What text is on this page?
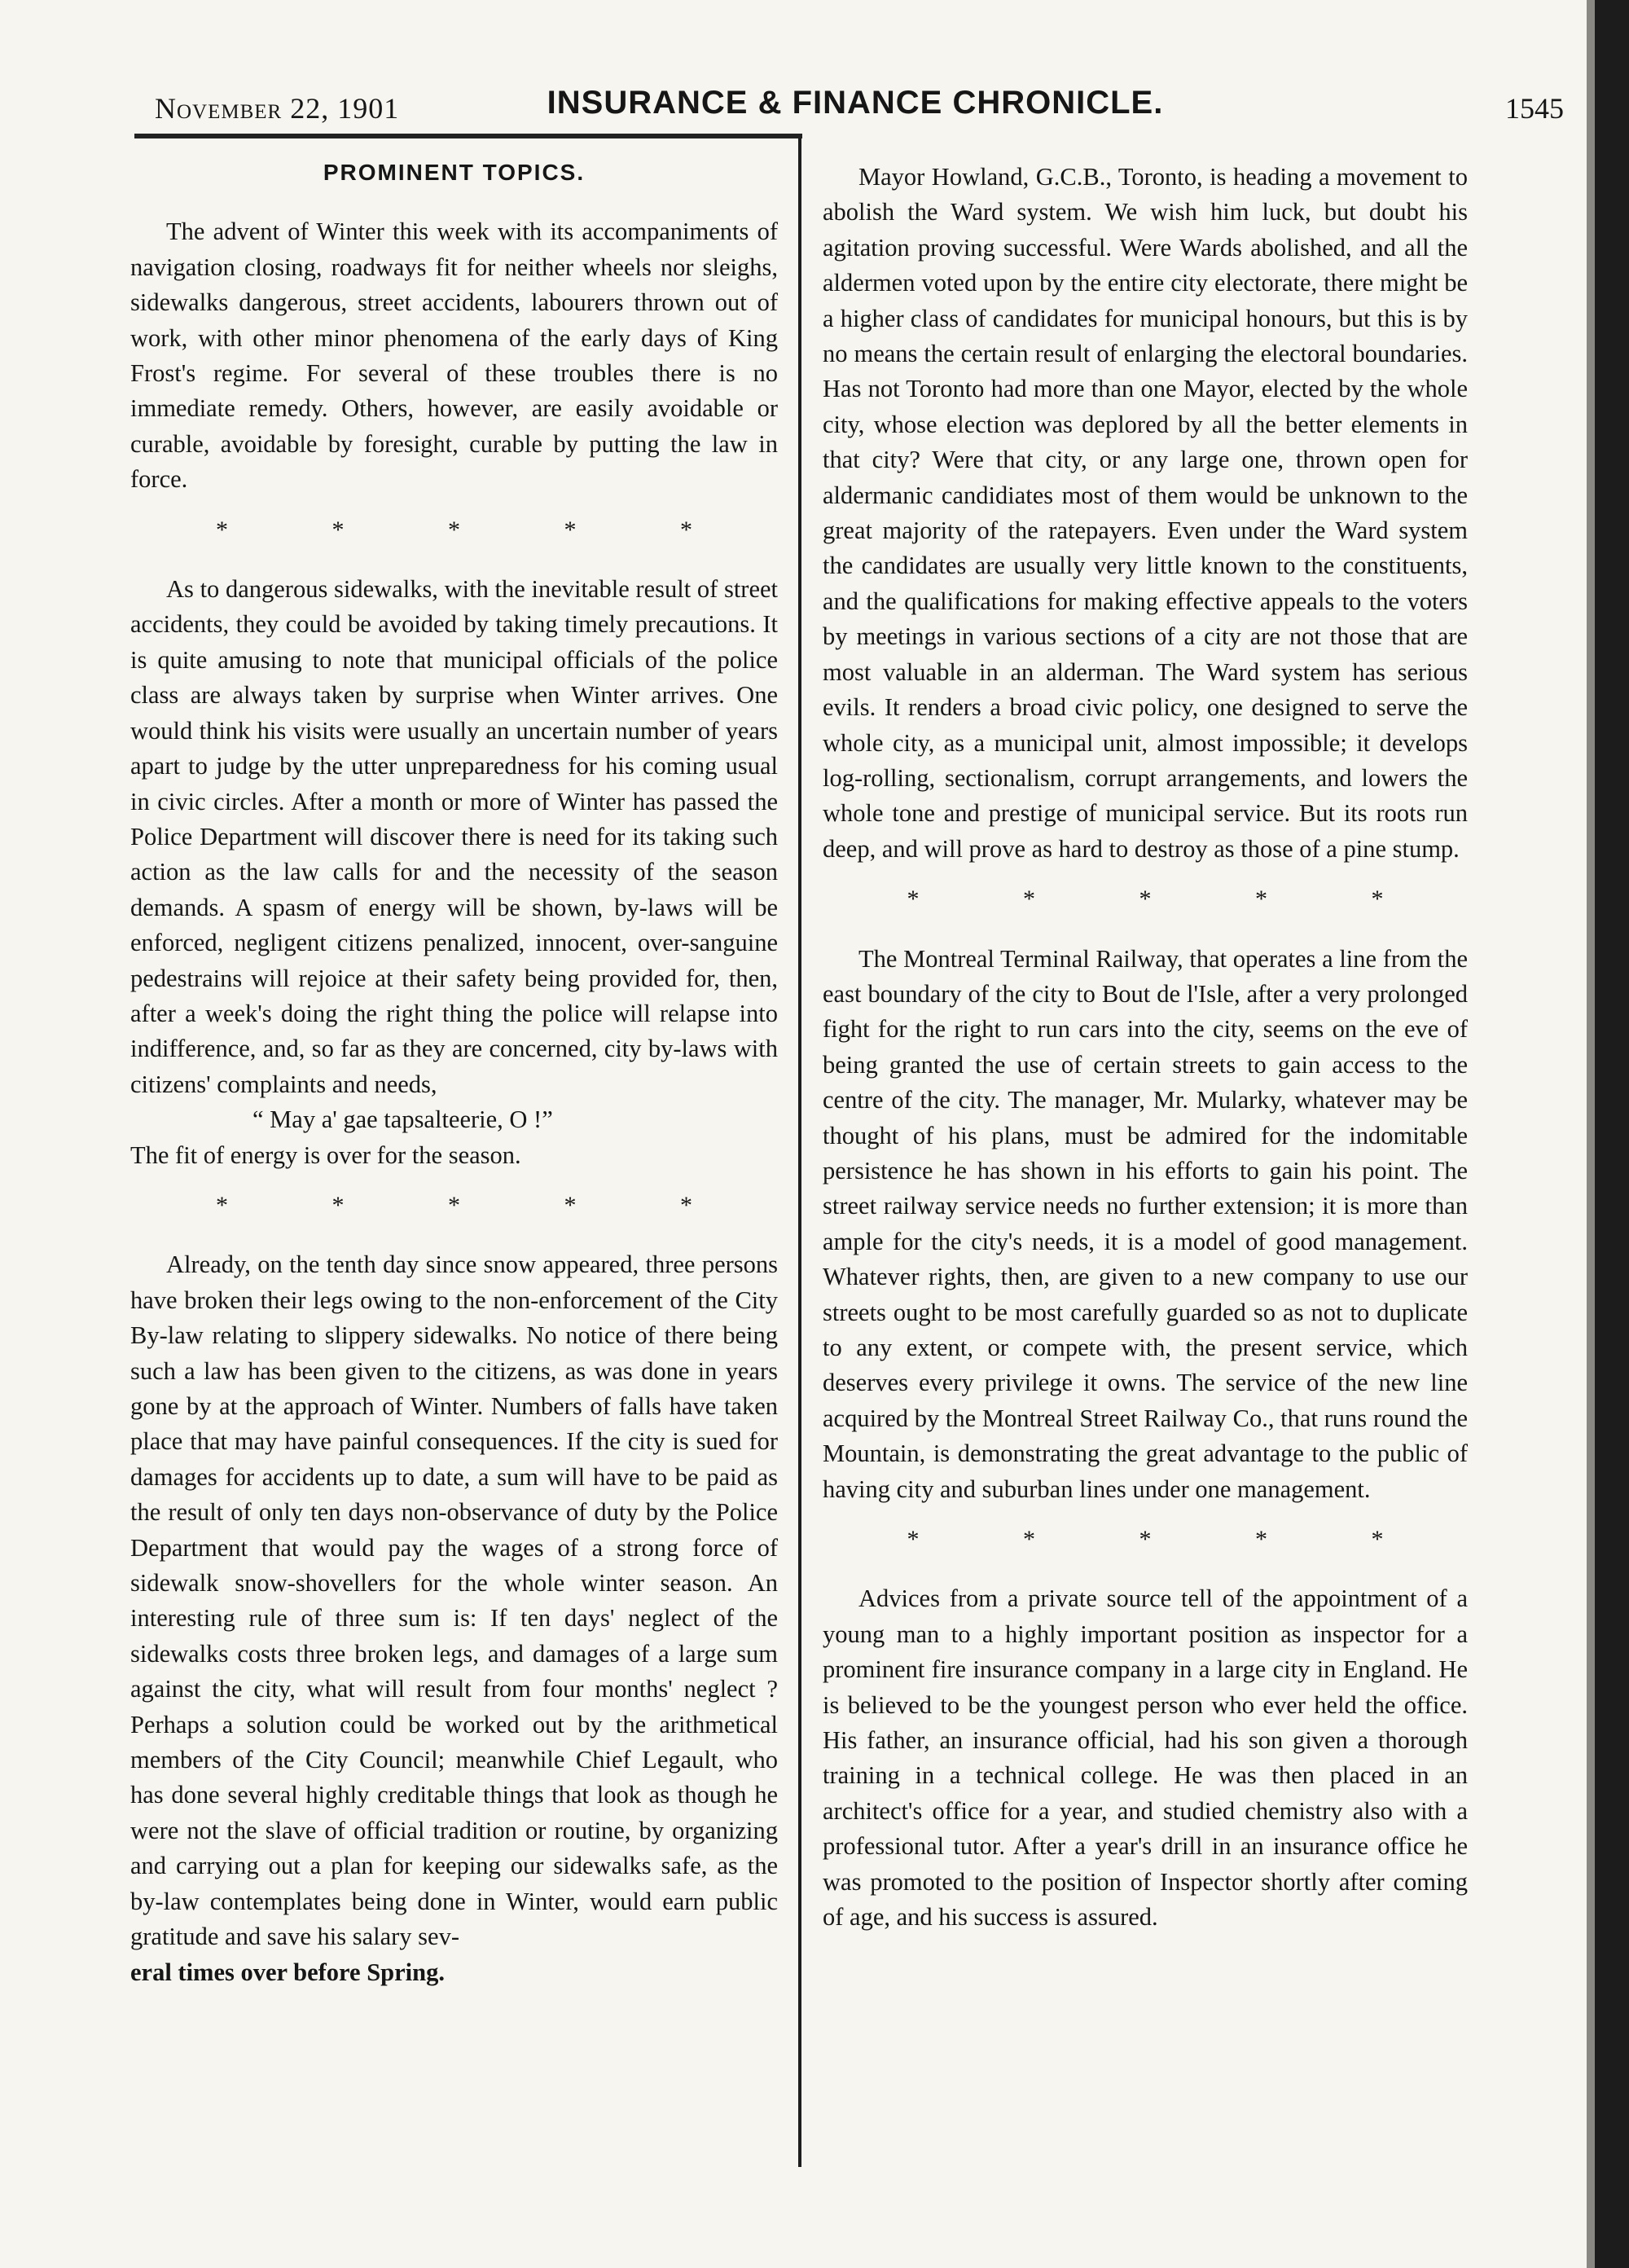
November 22, 1901	INSURANCE & FINANCE CHRONICLE.	1545
PROMINENT TOPICS.

The advent of Winter this week with its accompaniments of navigation closing, roadways fit for neither wheels nor sleighs, sidewalks dangerous, street accidents, labourers thrown out of work, with other minor phenomena of the early days of King Frost's regime. For several of these troubles there is no immediate remedy. Others, however, are easily avoidable or curable, avoidable by foresight, curable by putting the law in force.

* * * * *

As to dangerous sidewalks, with the inevitable result of street accidents, they could be avoided by taking timely precautions. It is quite amusing to note that municipal officials of the police class are always taken by surprise when Winter arrives. One would think his visits were usually an uncertain number of years apart to judge by the utter unpreparedness for his coming usual in civic circles. After a month or more of Winter has passed the Police Department will discover there is need for its taking such action as the law calls for and the necessity of the season demands. A spasm of energy will be shown, by-laws will be enforced, negligent citizens penalized, innocent, over-sanguine pedestrains will rejoice at their safety being provided for, then, after a week's doing the right thing the police will relapse into indifference, and, so far as they are concerned, city by-laws with citizens' complaints and needs,

“ May a' gae tapsalteerie, O !”

The fit of energy is over for the season.

* * * * *

Already, on the tenth day since snow appeared, three persons have broken their legs owing to the non-enforcement of the City By-law relating to slippery sidewalks. No notice of there being such a law has been given to the citizens, as was done in years gone by at the approach of Winter. Numbers of falls have taken place that may have painful consequences. If the city is sued for damages for accidents up to date, a sum will have to be paid as the result of only ten days non-observance of duty by the Police Department that would pay the wages of a strong force of sidewalk snow-shovellers for the whole winter season. An interesting rule of three sum is: If ten days' neglect of the sidewalks costs three broken legs, and damages of a large sum against the city, what will result from four months' neglect ? Perhaps a solution could be worked out by the arithmetical members of the City Council; meanwhile Chief Legault, who has done several highly creditable things that look as though he were not the slave of official tradition or routine, by organizing and carrying out a plan for keeping our sidewalks safe, as the by-law contemplates being done in Winter, would earn public gratitude and save his salary sev-
eral times over before Spring.

Mayor Howland, G.C.B., Toronto, is heading a movement to abolish the Ward system. We wish him luck, but doubt his agitation proving successful. Were Wards abolished, and all the aldermen voted upon by the entire city electorate, there might be a higher class of candidates for municipal honours, but this is by no means the certain result of enlarging the electoral boundaries. Has not Toronto had more than one Mayor, elected by the whole city, whose election was deplored by all the better elements in that city? Were that city, or any large one, thrown open for aldermanic candidiates most of them would be unknown to the great majority of the ratepayers. Even under the Ward system the candidates are usually very little known to the constituents, and the qualifications for making effective appeals to the voters by meetings in various sections of a city are not those that are most valuable in an alderman. The Ward system has serious evils. It renders a broad civic policy, one designed to serve the whole city, as a municipal unit, almost impossible; it develops log-rolling, sectionalism, corrupt arrangements, and lowers the whole tone and prestige of municipal service. But its roots run deep, and will prove as hard to destroy as those of a pine stump.

* * * * *

The Montreal Terminal Railway, that operates a line from the east boundary of the city to Bout de l'Isle, after a very prolonged fight for the right to run cars into the city, seems on the eve of being granted the use of certain streets to gain access to the centre of the city. The manager, Mr. Mularky, whatever may be thought of his plans, must be admired for the indomitable persistence he has shown in his efforts to gain his point. The street railway service needs no further extension; it is more than ample for the city's needs, it is a model of good management. Whatever rights, then, are given to a new company to use our streets ought to be most carefully guarded so as not to duplicate to any extent, or compete with, the present service, which deserves every privilege it owns. The service of the new line acquired by the Montreal Street Railway Co., that runs round the Mountain, is demonstrating the great advantage to the public of having city and suburban lines under one management.

* * * * *

Advices from a private source tell of the appointment of a young man to a highly important position as inspector for a prominent fire insurance company in a large city in England. He is believed to be the youngest person who ever held the office. His father, an insurance official, had his son given a thorough training in a technical college. He was then placed in an architect's office for a year, and studied chemistry also with a professional tutor. After a year's drill in an insurance office he was promoted to the position of Inspector shortly after coming of age, and his success is assured.
